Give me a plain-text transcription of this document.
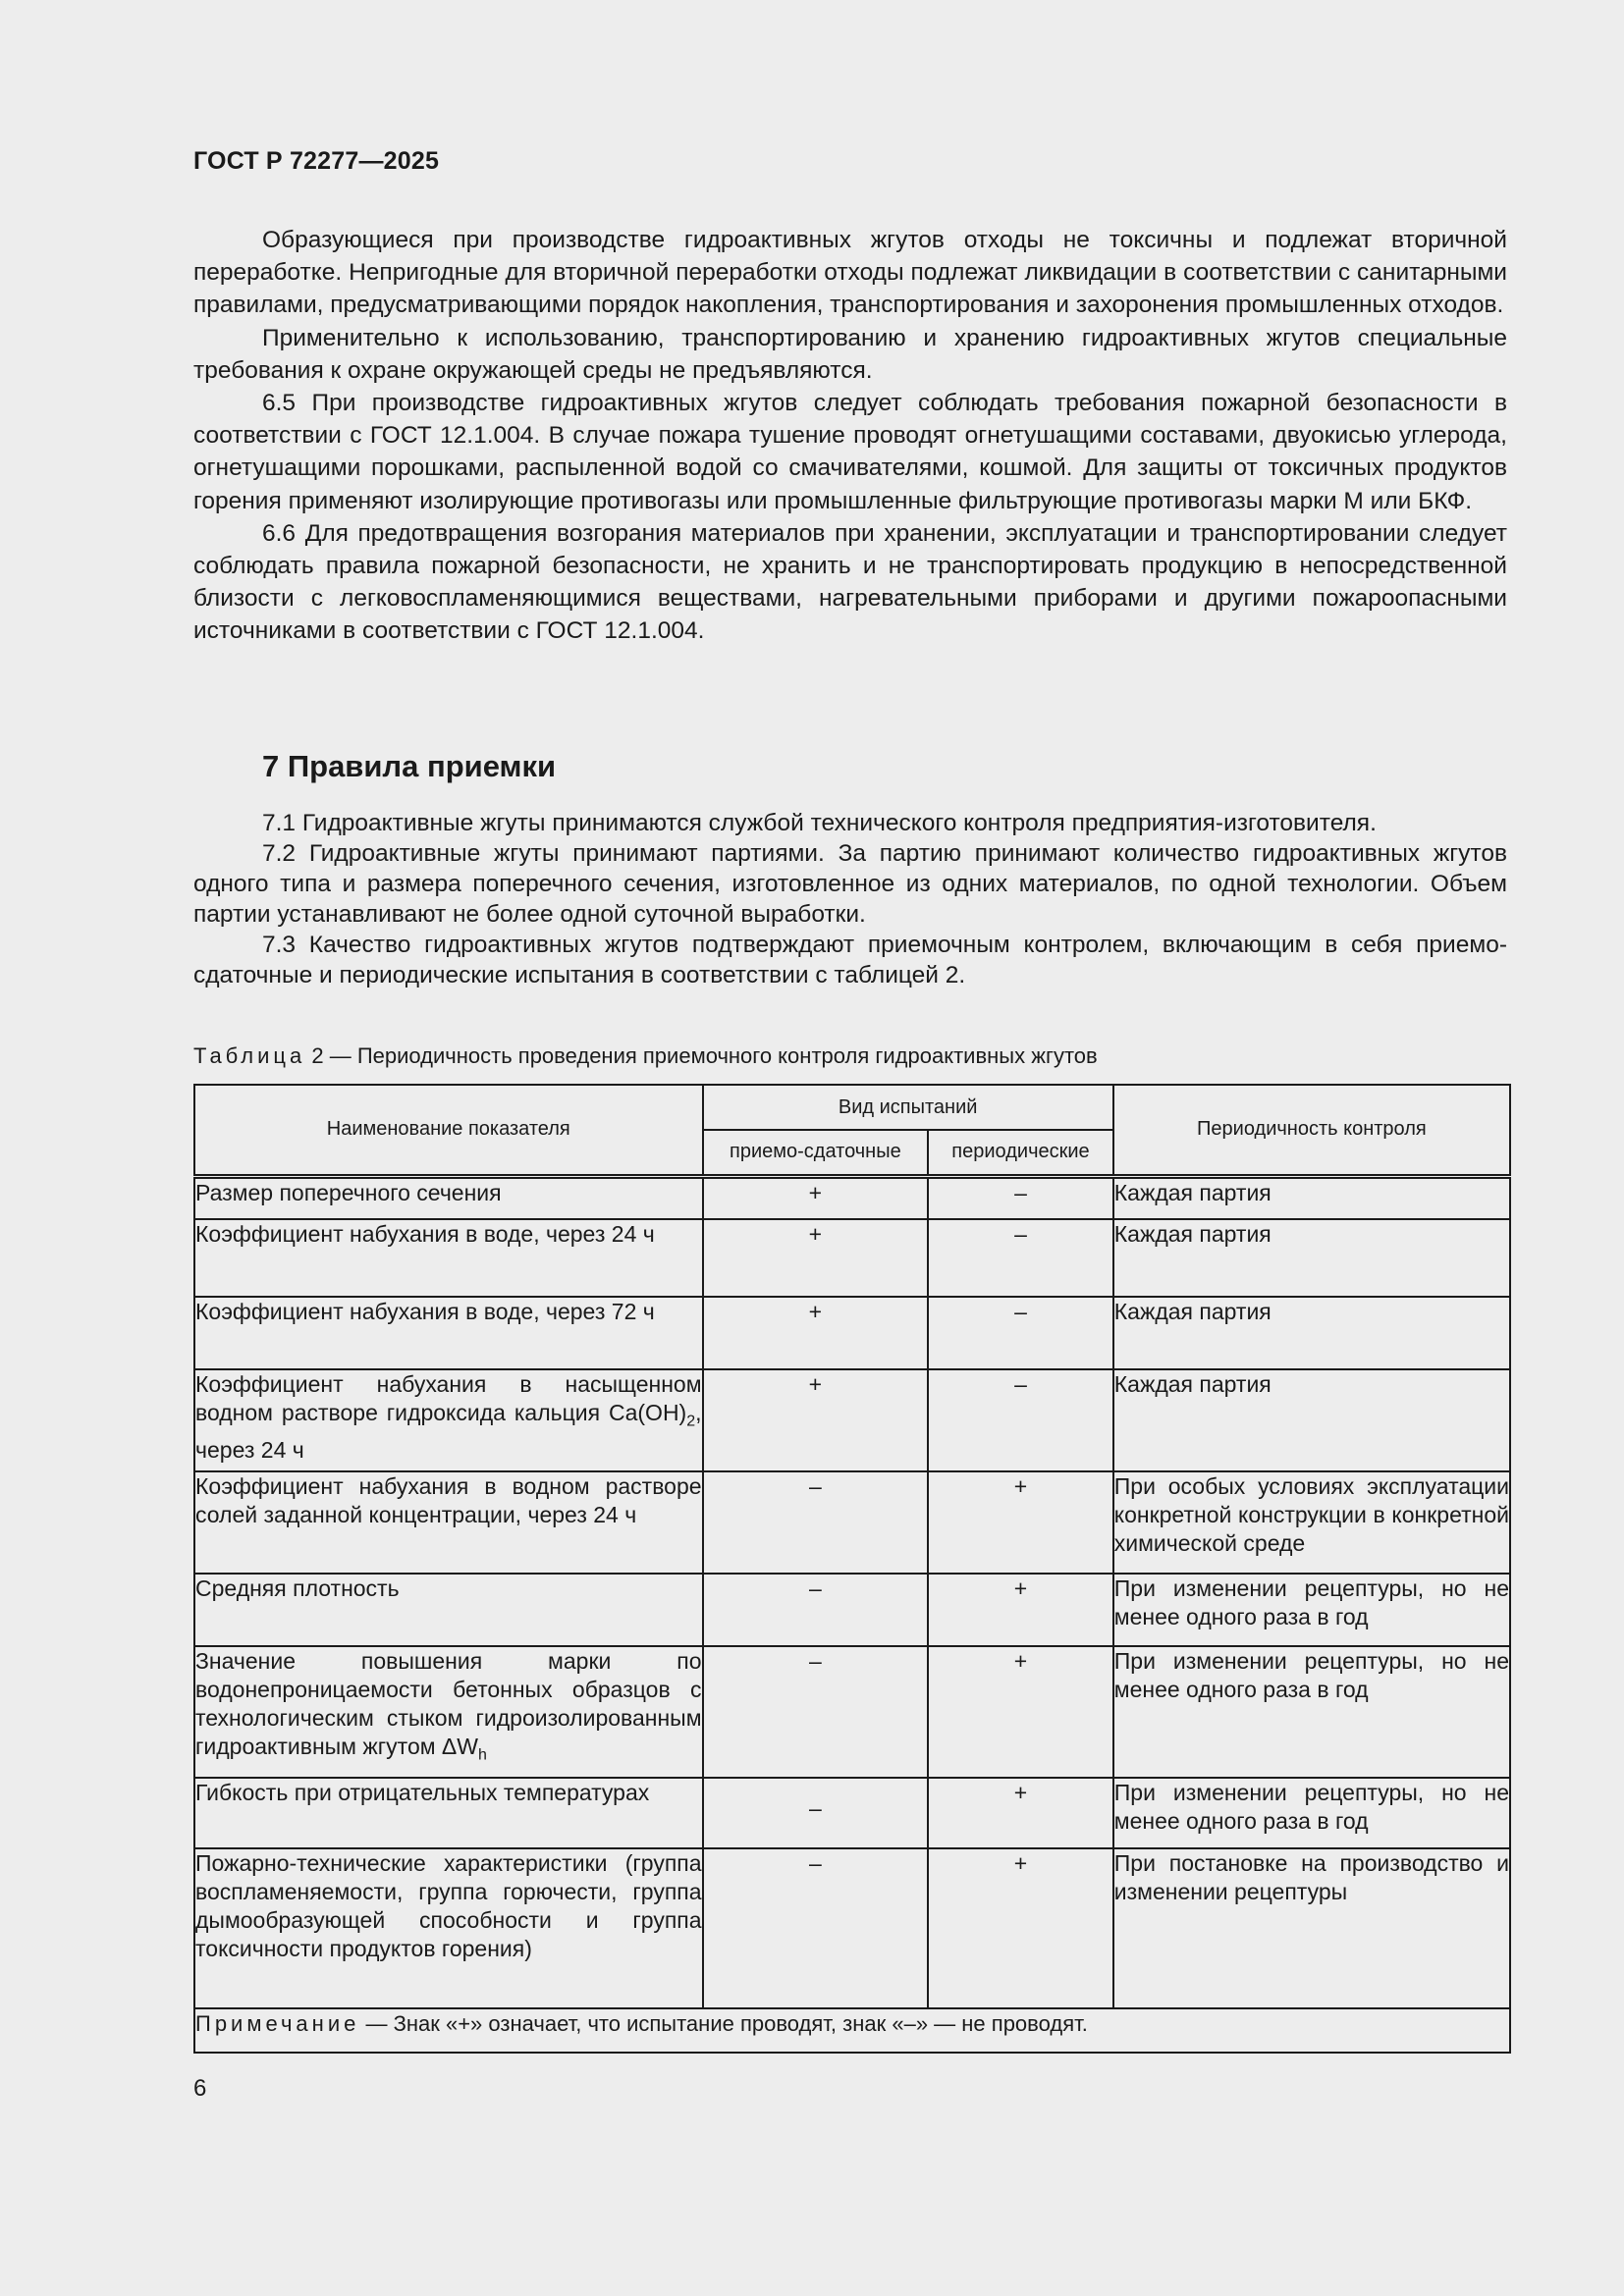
ГОСТ Р 72277—2025

Образующиеся при производстве гидроактивных жгутов отходы не токсичны и подлежат вторичной переработке. Непригодные для вторичной переработки отходы подлежат ликвидации в соответствии с санитарными правилами, предусматривающими порядок накопления, транспортирования и захоронения промышленных отходов.

Применительно к использованию, транспортированию и хранению гидроактивных жгутов специальные требования к охране окружающей среды не предъявляются.

6.5 При производстве гидроактивных жгутов следует соблюдать требования пожарной безопасности в соответствии с ГОСТ 12.1.004. В случае пожара тушение проводят огнетушащими составами, двуокисью углерода, огнетушащими порошками, распыленной водой со смачивателями, кошмой. Для защиты от токсичных продуктов горения применяют изолирующие противогазы или промышленные фильтрующие противогазы марки М или БКФ.

6.6 Для предотвращения возгорания материалов при хранении, эксплуатации и транспортировании следует соблюдать правила пожарной безопасности, не хранить и не транспортировать продукцию в непосредственной близости с легковоспламеняющимися веществами, нагревательными приборами и другими пожароопасными источниками в соответствии с ГОСТ 12.1.004.

7 Правила приемки

7.1 Гидроактивные жгуты принимаются службой технического контроля предприятия-изготовителя.

7.2 Гидроактивные жгуты принимают партиями. За партию принимают количество гидроактивных жгутов одного типа и размера поперечного сечения, изготовленное из одних материалов, по одной технологии. Объем партии устанавливают не более одной суточной выработки.

7.3 Качество гидроактивных жгутов подтверждают приемочным контролем, включающим в себя приемо-сдаточные и периодические испытания в соответствии с таблицей 2.

Таблица 2 — Периодичность проведения приемочного контроля гидроактивных жгутов
Наименование показателя	Вид испытаний		Периодичность контроля
	приемо-сдаточные	периодические	
Размер поперечного сечения	+	–	Каждая партия
Коэффициент набухания в воде, через 24 ч	+	–	Каждая партия
Коэффициент набухания в воде, через 72 ч	+	–	Каждая партия
Коэффициент набухания в насыщенном водном растворе гидроксида кальция $Ca(OH)_2$, через 24 ч	+	–	Каждая партия
Коэффициент набухания в водном растворе солей заданной концентрации, через 24 ч	–	+	При особых условиях эксплуатации конкретной конструкции в конкретной химической среде
Средняя плотность	–	+	При изменении рецептуры, но не менее одного раза в год
Значение повышения марки по водонепроницаемости бетонных образцов с технологическим стыком гидроизолированным гидроактивным жгутом $\Delta W_h$	–	+	При изменении рецептуры, но не менее одного раза в год
Гибкость при отрицательных температурах	–	+	При изменении рецептуры, но не менее одного раза в год
Пожарно-технические характеристики (группа воспламеняемости, группа горючести, группа дымообразующей способности и группа токсичности продуктов горения)	–	+	При постановке на производство и изменении рецептуры
Примечание — Знак «+» означает, что испытание проводят, знак «–» — не проводят.			
6
